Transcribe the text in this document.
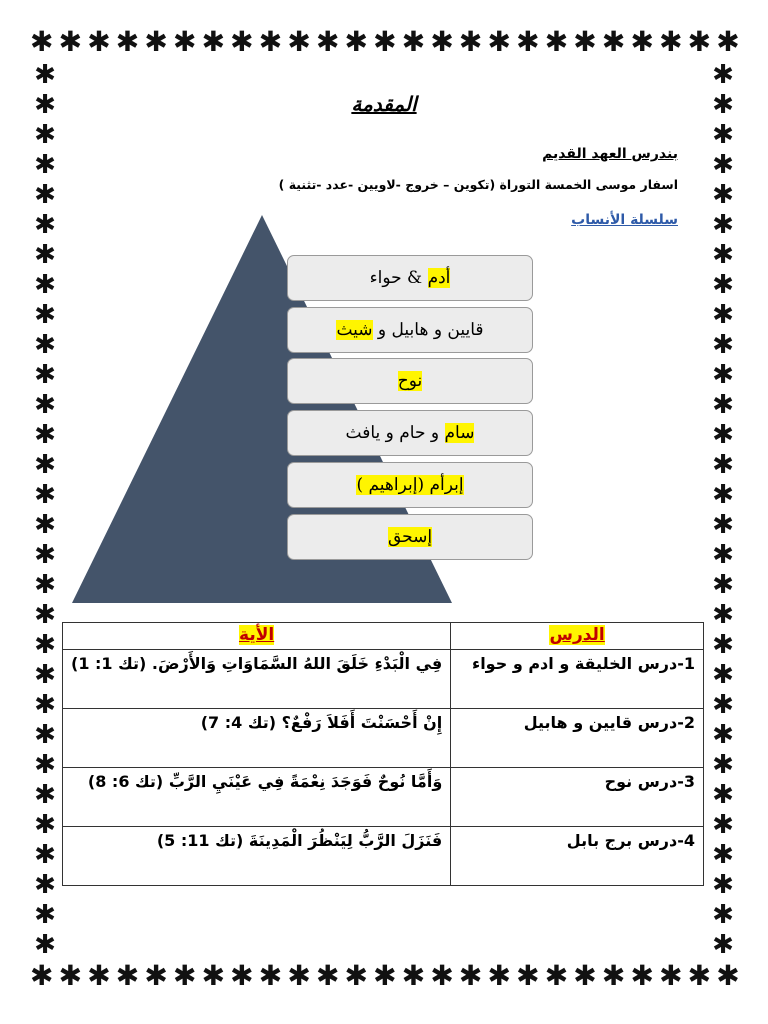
✱ ✱ ✱ ✱ ✱ ✱ ✱ ✱ ✱ ✱ ✱ ✱ ✱ ✱ ✱ ✱ ✱ ✱ ✱ ✱ ✱ ✱ ✱ ✱ ✱
✱ ✱ ✱ ✱ ✱ ✱ ✱ ✱ ✱ ✱ ✱ ✱ ✱ ✱ ✱ ✱ ✱ ✱ ✱ ✱ ✱ ✱ ✱ ✱ ✱
✱
✱
✱
✱
✱
✱
✱
✱
✱
✱
✱
✱
✱
✱
✱
✱
✱
✱
✱
✱
✱
✱
✱
✱
✱
✱
✱
✱
✱
✱
✱
✱
✱
✱
✱
✱
✱
✱
✱
✱
✱
✱
✱
✱
✱
✱
✱
✱
✱
✱
✱
✱
✱
✱
✱
✱
✱
✱
✱
✱
المقدمة
بندرس العهد القديم
اسفار موسى الخمسة التوراة (تكوين – خروج -لاويين -عدد -تثنية )
سلسلة الأنساب
أدم & حواء
قايين و هابيل و شيث
نوح
سام و حام و يافث
إبرأم (إبراهيم )
إسحق
الدرس	الأية
1-درس الخليقة و ادم و حواء	فِي الْبَدْءِ خَلَقَ اللهُ السَّمَاوَاتِ وَالأَرْضَ. (تك 1: 1)
2-درس قايين و هابيل	إِنْ أَحْسَنْتَ أَفَلاَ رَفْعٌ؟ (تك 4: 7)
3-درس نوح	وَأَمَّا نُوحٌ فَوَجَدَ نِعْمَةً فِي عَيْنَيِ الرَّبِّ (تك 6: 8)
4-درس برج بابل	فَنَزَلَ الرَّبُّ لِيَنْظُرَ الْمَدِينَةَ (تك 11: 5)
